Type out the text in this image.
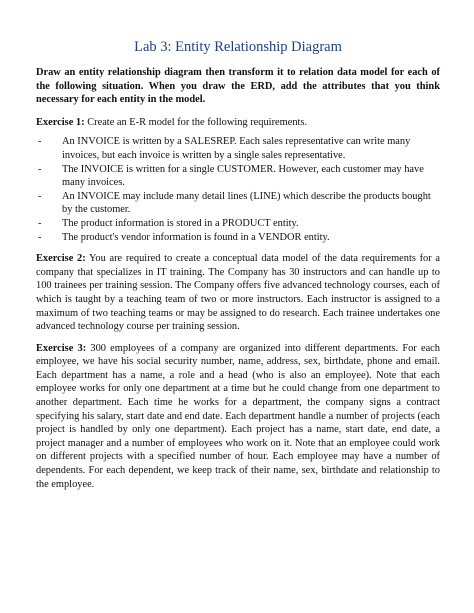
Lab 3: Entity Relationship Diagram

Draw an entity relationship diagram then transform it to relation data model for each of the following situation. When you draw the ERD, add the attributes that you think necessary for each entity in the model.

Exercise 1: Create an E-R model for the following requirements.

- An INVOICE is written by a SALESREP. Each sales representative can write many invoices, but each invoice is written by a single sales representative.
- The INVOICE is written for a single CUSTOMER. However, each customer may have many invoices.
- An INVOICE may include many detail lines (LINE) which describe the products bought by the customer.
- The product information is stored in a PRODUCT entity.
- The product's vendor information is found in a VENDOR entity.

Exercise 2: You are required to create a conceptual data model of the data requirements for a company that specializes in IT training. The Company has 30 instructors and can handle up to 100 trainees per training session. The Company offers five advanced technology courses, each of which is taught by a teaching team of two or more instructors. Each instructor is assigned to a maximum of two teaching teams or may be assigned to do research. Each trainee undertakes one advanced technology course per training session.

Exercise 3: 300 employees of a company are organized into different departments. For each employee, we have his social security number, name, address, sex, birthdate, phone and email. Each department has a name, a role and a head (who is also an employee). Note that each employee works for only one department at a time but he could change from one department to another department. Each time he works for a department, the company signs a contract specifying his salary, start date and end date. Each department handle a number of projects (each project is handled by only one department). Each project has a name, start date, end date, a project manager and a number of employees who work on it. Note that an employee could work on different projects with a specified number of hour. Each employee may have a number of dependents. For each dependent, we keep track of their name, sex, birthdate and relationship to the employee.
